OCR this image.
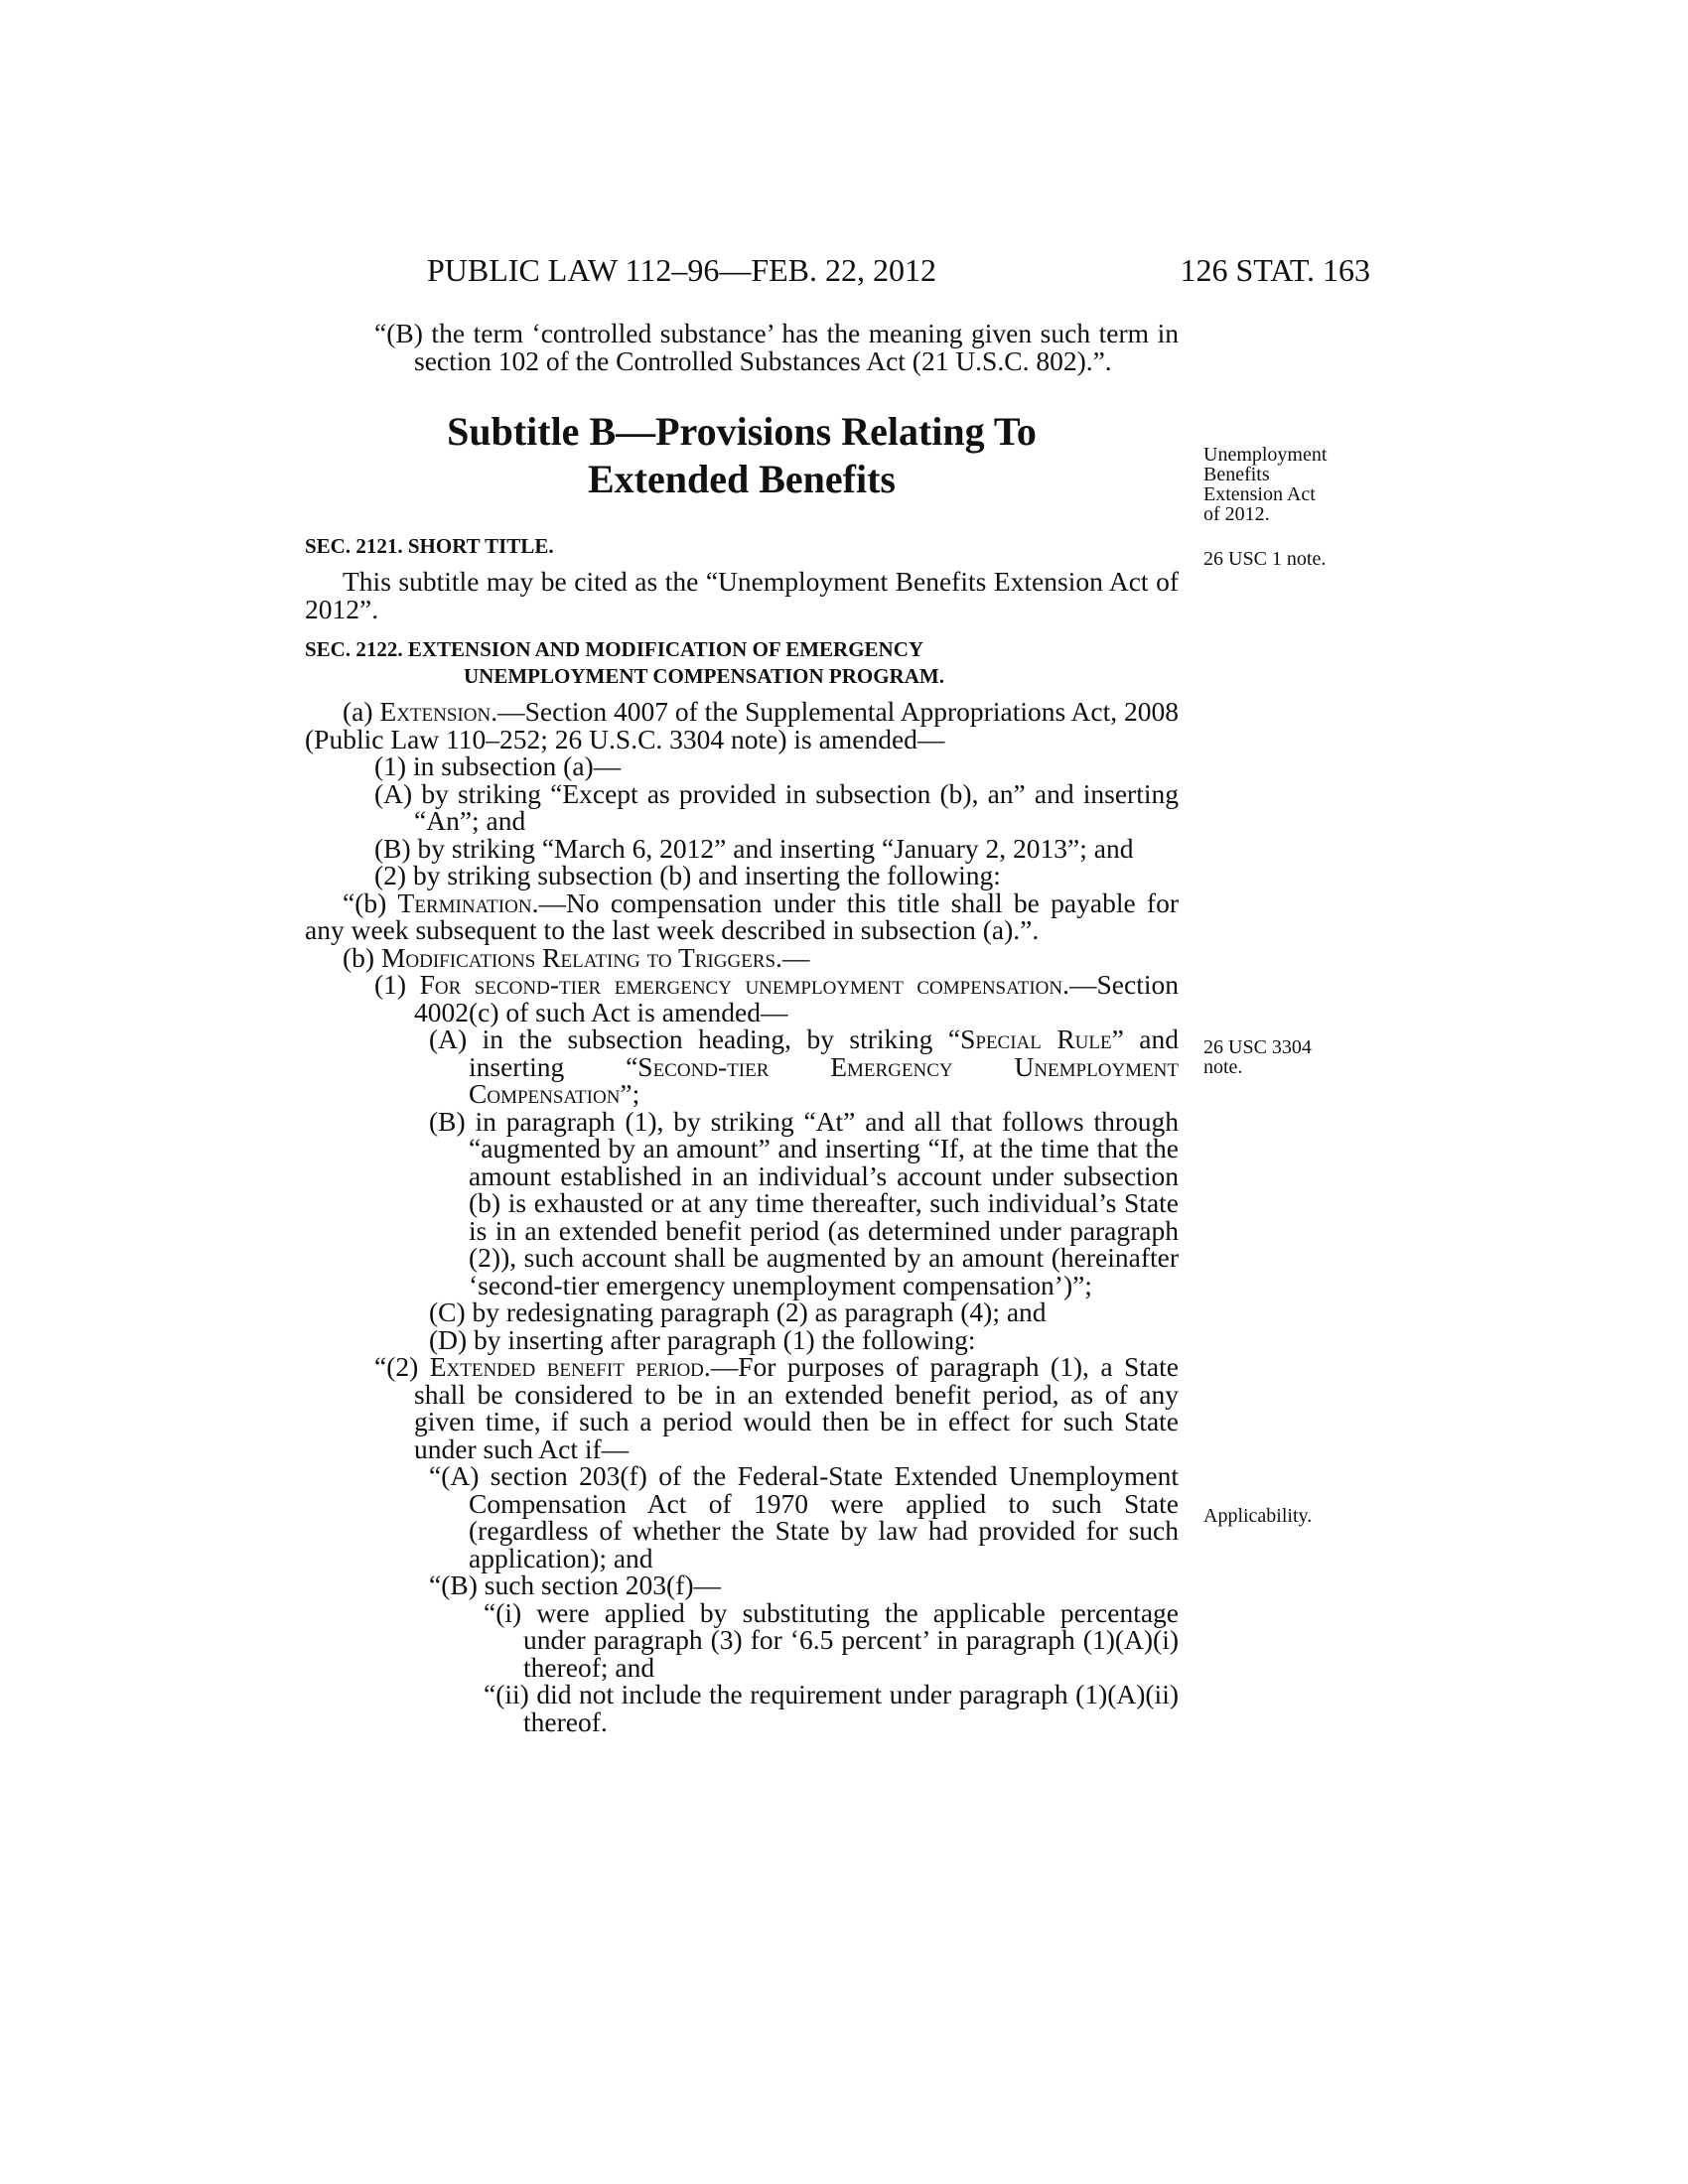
PUBLIC LAW 112–96—FEB. 22, 2012	126 STAT. 163

“(B) the term ‘controlled substance’ has the meaning given such term in section 102 of the Controlled Substances Act (21 U.S.C. 802).”.

Subtitle B—Provisions Relating To
Extended Benefits
SEC. 2121. SHORT TITLE.

This subtitle may be cited as the “Unemployment Benefits Extension Act of 2012”.

SEC. 2122. EXTENSION AND MODIFICATION OF EMERGENCY
UNEMPLOYMENT COMPENSATION PROGRAM.

(a) Extension.—Section 4007 of the Supplemental Appropriations Act, 2008 (Public Law 110–252; 26 U.S.C. 3304 note) is amended—

(1) in subsection (a)—

(A) by striking “Except as provided in subsection (b), an” and inserting “An”; and

(B) by striking “March 6, 2012” and inserting “January 2, 2013”; and

(2) by striking subsection (b) and inserting the following:

“(b) Termination.—No compensation under this title shall be payable for any week subsequent to the last week described in subsection (a).”.

(b) Modifications Relating to Triggers.—

(1) For second-tier emergency unemployment compensation.—Section 4002(c) of such Act is amended—

(A) in the subsection heading, by striking “Special Rule” and inserting “Second-tier Emergency Unemployment Compensation”;

(B) in paragraph (1), by striking “At” and all that follows through “augmented by an amount” and inserting “If, at the time that the amount established in an individual’s account under subsection (b) is exhausted or at any time thereafter, such individual’s State is in an extended benefit period (as determined under paragraph (2)), such account shall be augmented by an amount (hereinafter ‘second-tier emergency unemployment compensation’)”;

(C) by redesignating paragraph (2) as paragraph (4); and

(D) by inserting after paragraph (1) the following:

“(2) Extended benefit period.—For purposes of paragraph (1), a State shall be considered to be in an extended benefit period, as of any given time, if such a period would then be in effect for such State under such Act if—

“(A) section 203(f) of the Federal-State Extended Unemployment Compensation Act of 1970 were applied to such State (regardless of whether the State by law had provided for such application); and

“(B) such section 203(f)—

“(i) were applied by substituting the applicable percentage under paragraph (3) for ‘6.5 percent’ in paragraph (1)(A)(i) thereof; and

“(ii) did not include the requirement under paragraph (1)(A)(ii) thereof.

Unemployment
Benefits
Extension Act
of 2012.
26 USC 1 note.
26 USC 3304
note.
Applicability.
